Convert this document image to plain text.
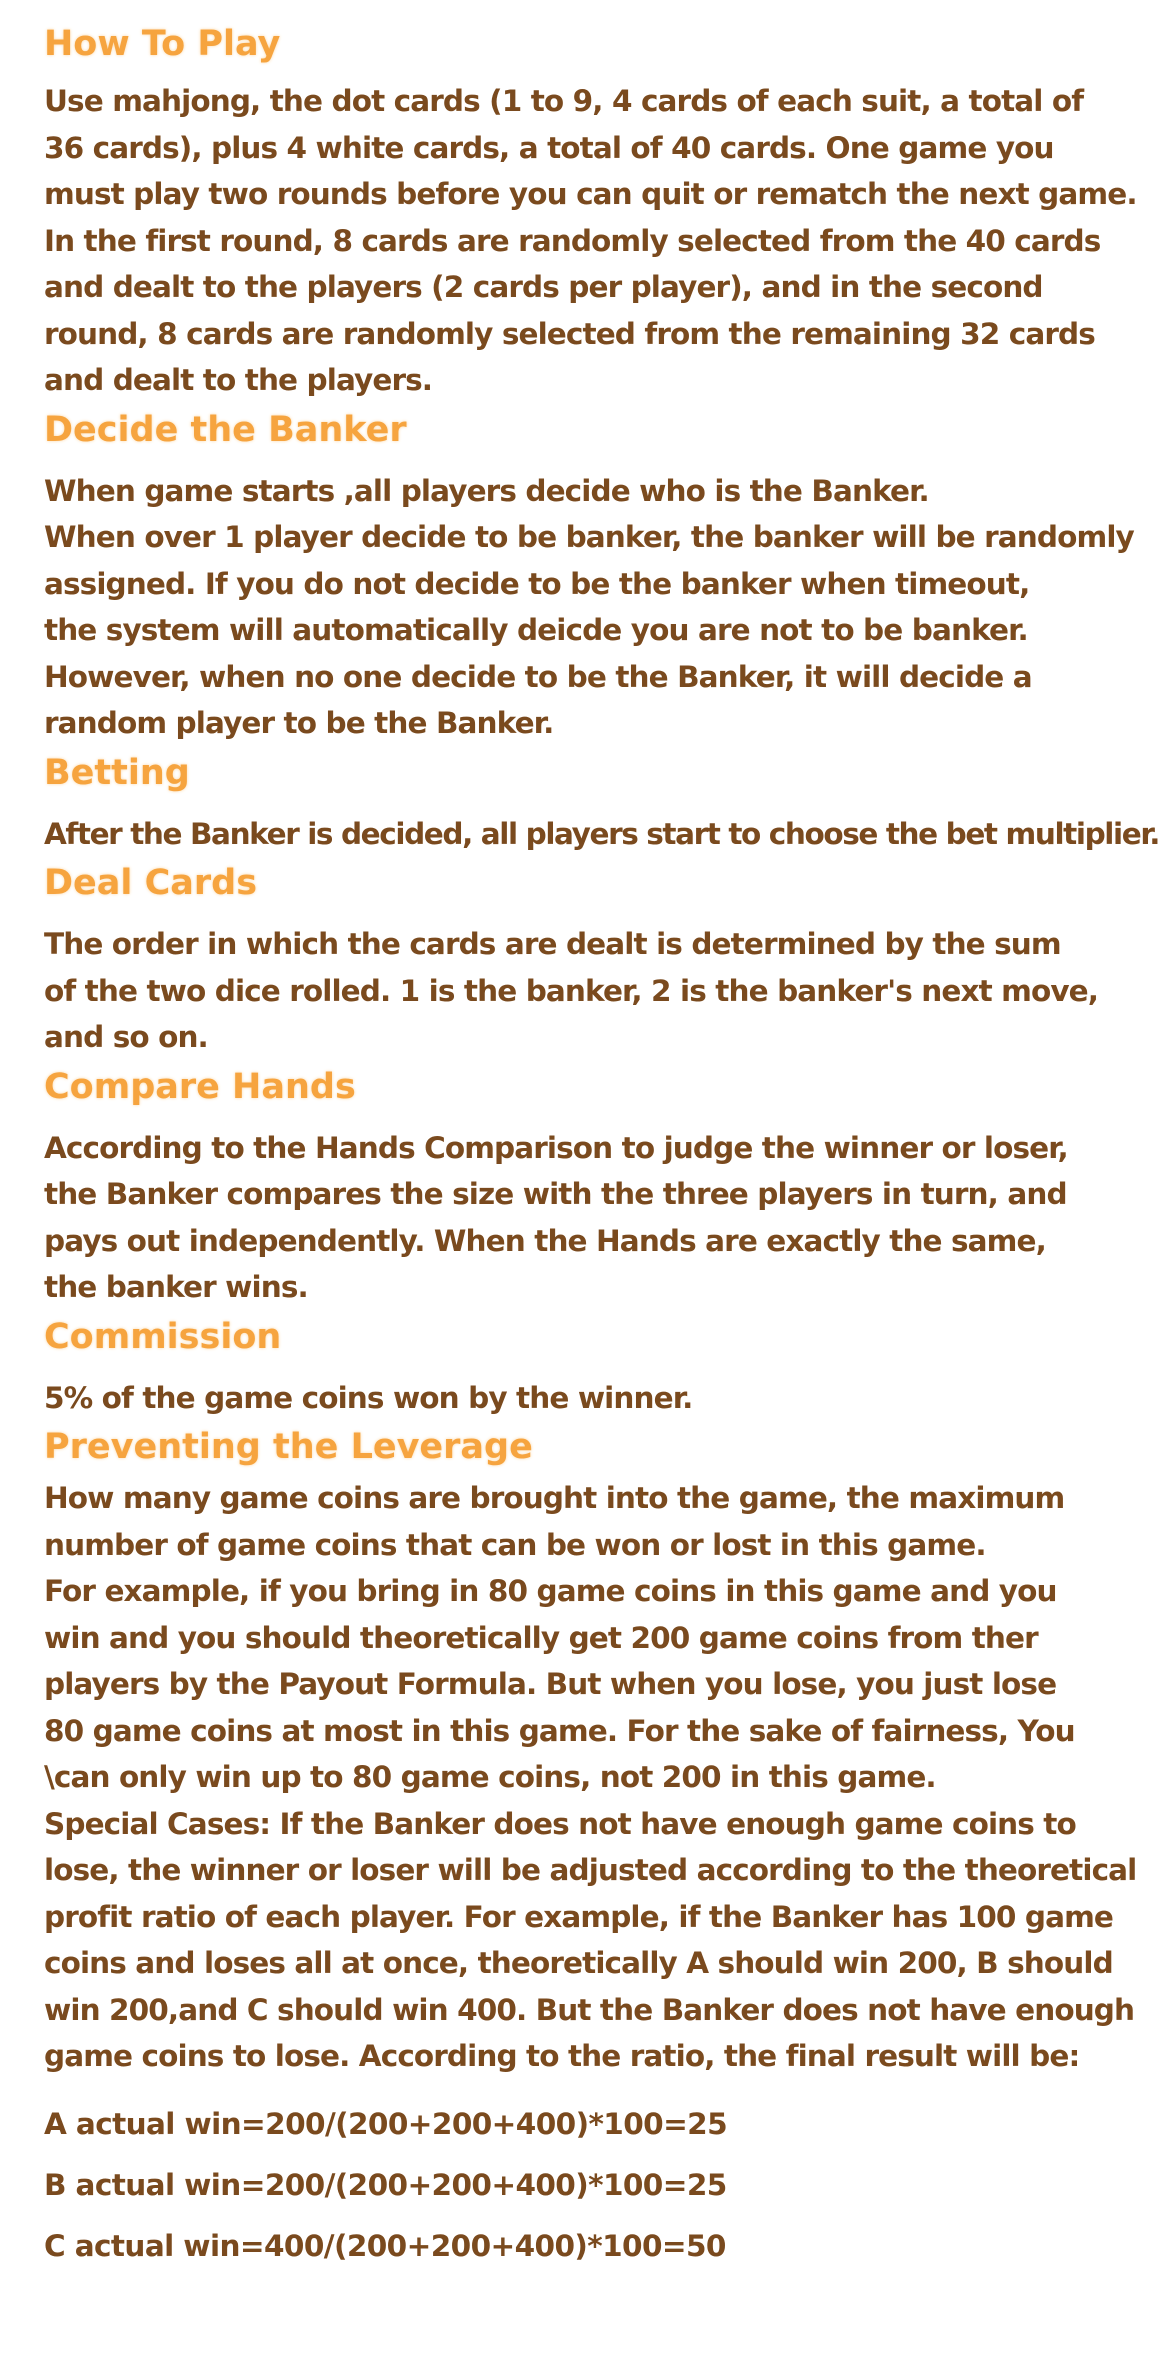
How To Play

Use mahjong, the dot cards (1 to 9, 4 cards of each suit, a total of
36 cards), plus 4 white cards, a total of 40 cards. One game you
must play two rounds before you can quit or rematch the next game.
In the first round, 8 cards are randomly selected from the 40 cards
and dealt to the players (2 cards per player), and in the second
round, 8 cards are randomly selected from the remaining 32 cards
and dealt to the players.

Decide the Banker

When game starts ,all players decide who is the Banker.
When over 1 player decide to be banker, the banker will be randomly
assigned. If you do not decide to be the banker when timeout,
the system will automatically deicde you are not to be banker.
However, when no one decide to be the Banker, it will decide a
random player to be the Banker.

Betting

After the Banker is decided, all players start to choose the bet multiplier.

Deal Cards

The order in which the cards are dealt is determined by the sum
of the two dice rolled. 1 is the banker, 2 is the banker's next move,
and so on.

Compare Hands

According to the Hands Comparison to judge the winner or loser,
the Banker compares the size with the three players in turn, and
pays out independently. When the Hands are exactly the same,
the banker wins.

Commission

5% of the game coins won by the winner.

Preventing the Leverage

How many game coins are brought into the game, the maximum
number of game coins that can be won or lost in this game.
For example, if you bring in 80 game coins in this game and you
win and you should theoretically get 200 game coins from ther
players by the Payout Formula. But when you lose, you just lose
80 game coins at most in this game. For the sake of fairness, You
\can only win up to 80 game coins, not 200 in this game.
Special Cases: If the Banker does not have enough game coins to
lose, the winner or loser will be adjusted according to the theoretical
profit ratio of each player. For example, if the Banker has 100 game
coins and loses all at once, theoretically A should win 200, B should
win 200,and C should win 400. But the Banker does not have enough
game coins to lose. According to the ratio, the final result will be:

A actual win=200/(200+200+400)*100=25
B actual win=200/(200+200+400)*100=25
C actual win=400/(200+200+400)*100=50
